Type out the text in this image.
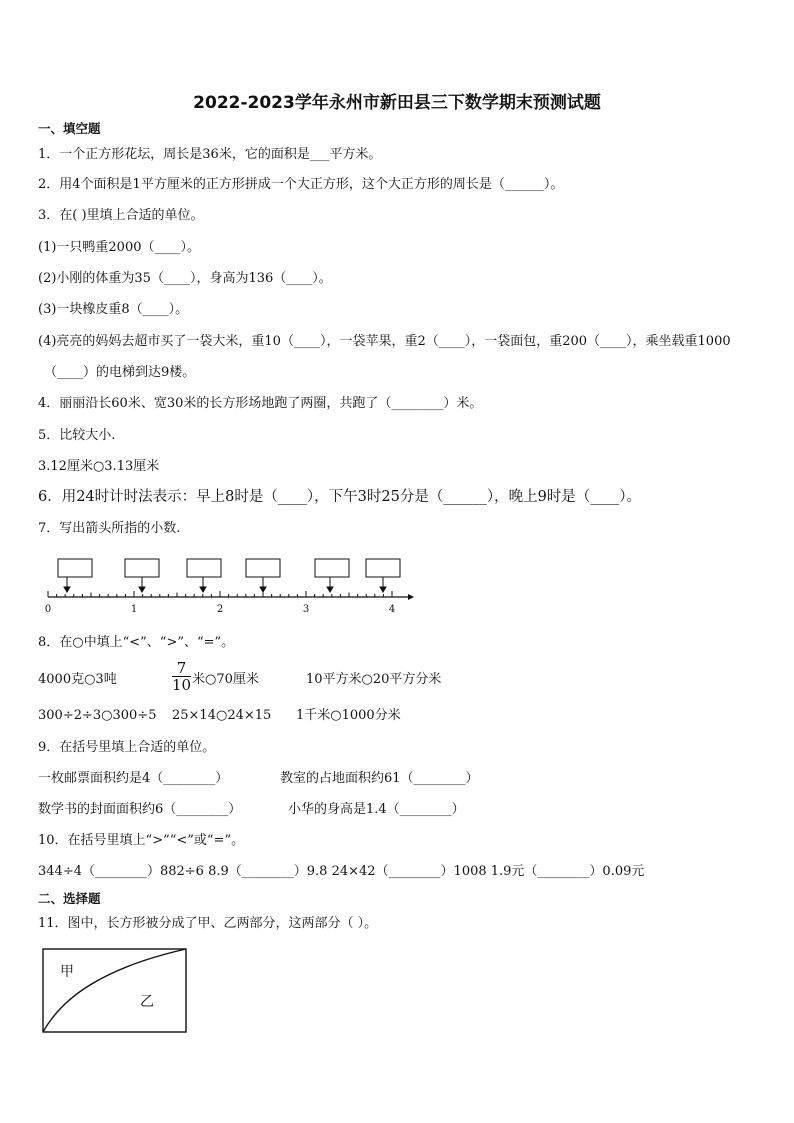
2022-2023学年永州市新田县三下数学期末预测试题
一、填空题
1．一个正方形花坛，周长是36米，它的面积是___平方米。
2．用4个面积是1平方厘米的正方形拼成一个大正方形，这个大正方形的周长是（______）。
3．在( )里填上合适的单位。
(1)一只鸭重2000（____）。
(2)小刚的体重为35（____），身高为136（____）。
(3)一块橡皮重8（____）。
(4)亮亮的妈妈去超市买了一袋大米，重10（____），一袋苹果，重2（____），一袋面包，重200（____），乘坐载重1000
（____）的电梯到达9楼。
4．丽丽沿长60米、宽30米的长方形场地跑了两圈，共跑了（________）米。
5．比较大小.
3.12厘米○3.13厘米
6．用24时计时法表示：早上8时是（____），下午3时25分是（______），晚上9时是（____）。
7．写出箭头所指的小数.
0	1	2	3	4
8．在○中填上“<”、“>”、“=”。
4000克○3吨	$\frac{7}{10}$ 米○70厘米	10平方米○20平方分米
300÷2÷3○300÷5 25×14○24×15 1千米○1000分米
9．在括号里填上合适的单位。
一枚邮票面积约是4（________）	教室的占地面积约61（________）
数学书的封面面积约6（________）	小华的身高是1.4（________）
10．在括号里填上“>”“<”或“=”。
344÷4（________）882÷6 8.9（________）9.8 24×42（________）1008 1.9元（________）0.09元
二、选择题
11．图中，长方形被分成了甲、乙两部分，这两部分（ ）。
甲
乙
